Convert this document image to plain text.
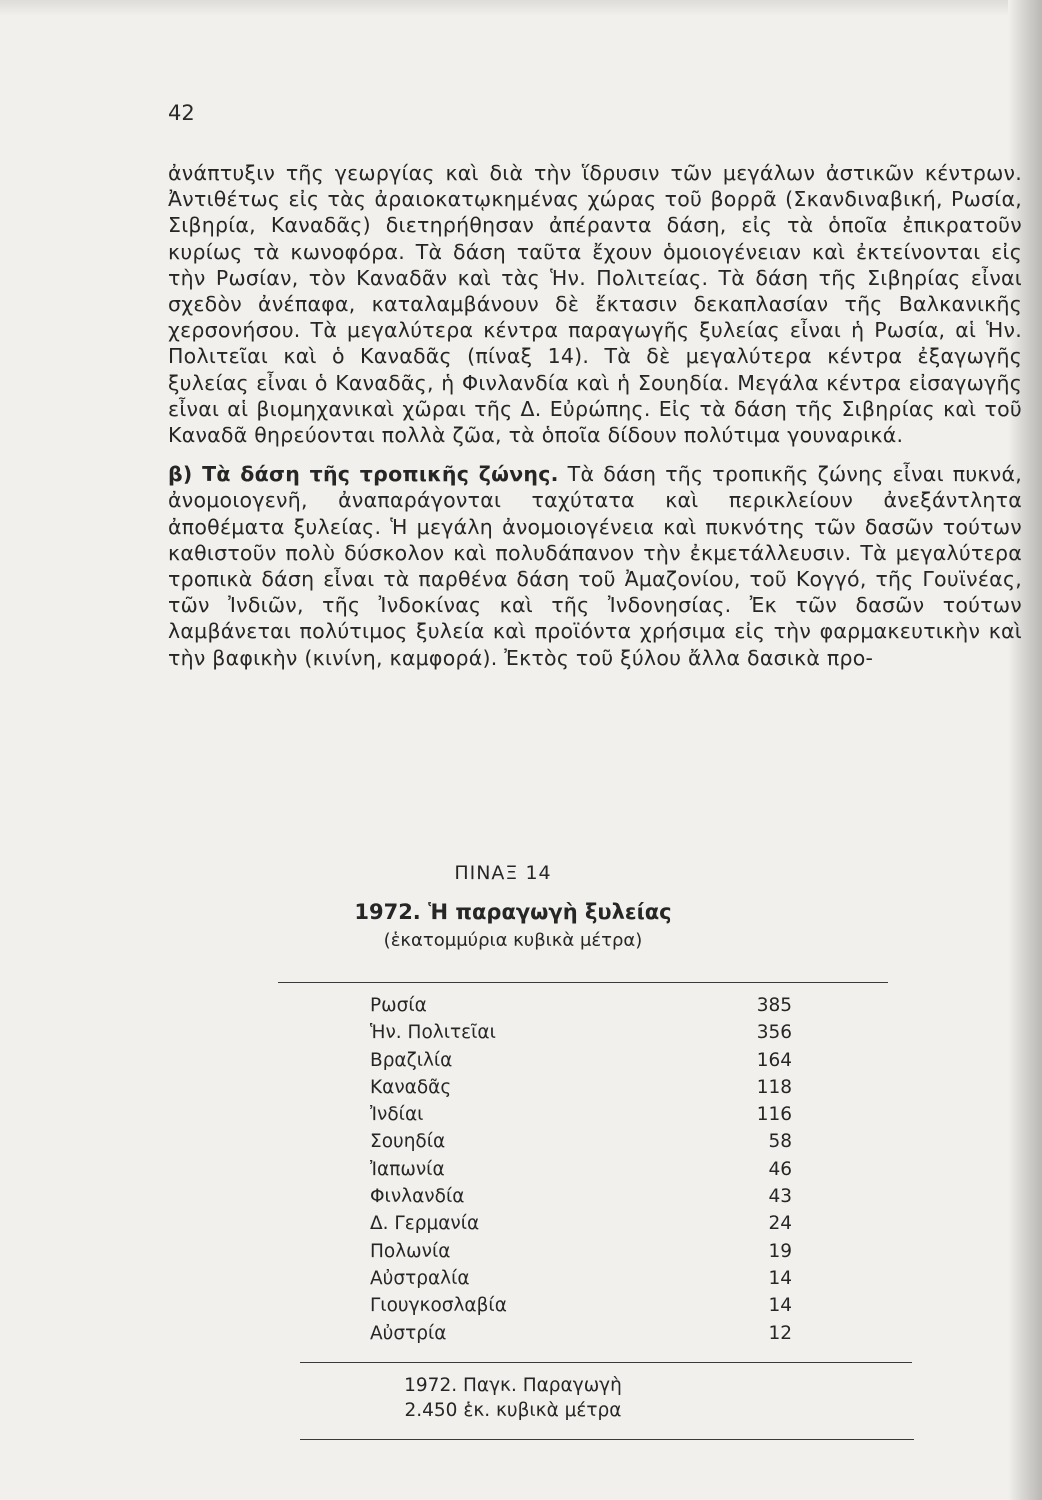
42

ἀνάπτυξιν τῆς γεωργίας καὶ διὰ τὴν ἵδρυσιν τῶν μεγάλων ἀστικῶν κέντρων. Ἀντιθέτως εἰς τὰς ἀραιοκατῳκημένας χώρας τοῦ βορρᾶ (Σκανδιναβική, Ρωσία, Σιβηρία, Καναδᾶς) διετηρήθησαν ἀπέραντα δάση, εἰς τὰ ὁποῖα ἐπικρατοῦν κυρίως τὰ κωνοφόρα. Τὰ δάση ταῦτα ἔχουν ὁμοιογένειαν καὶ ἐκτείνονται εἰς τὴν Ρωσίαν, τὸν Καναδᾶν καὶ τὰς Ἡν. Πολιτείας. Τὰ δάση τῆς Σιβηρίας εἶναι σχεδὸν ἀνέπαφα, καταλαμβάνουν δὲ ἔκτασιν δεκαπλασίαν τῆς Βαλκανικῆς χερσονήσου. Τὰ μεγαλύτερα κέντρα παραγωγῆς ξυλείας εἶναι ἡ Ρωσία, αἱ Ἡν. Πολιτεῖαι καὶ ὁ Καναδᾶς (πίναξ 14). Τὰ δὲ μεγαλύτερα κέντρα ἐξαγωγῆς ξυλείας εἶναι ὁ Καναδᾶς, ἡ Φινλανδία καὶ ἡ Σουηδία. Μεγάλα κέντρα εἰσαγωγῆς εἶναι αἱ βιομηχανικαὶ χῶραι τῆς Δ. Εὐρώπης. Εἰς τὰ δάση τῆς Σιβηρίας καὶ τοῦ Καναδᾶ θηρεύονται πολλὰ ζῶα, τὰ ὁποῖα δίδουν πολύτιμα γουναρικά.

β) Τὰ δάση τῆς τροπικῆς ζώνης. Τὰ δάση τῆς τροπικῆς ζώνης εἶναι πυκνά, ἀνομοιογενῆ, ἀναπαράγονται ταχύτατα καὶ περικλείουν ἀνεξάντλητα ἀποθέματα ξυλείας. Ἡ μεγάλη ἀνομοιογένεια καὶ πυκνότης τῶν δασῶν τούτων καθιστοῦν πολὺ δύσκολον καὶ πολυδάπανον τὴν ἐκμετάλλευσιν. Τὰ μεγαλύτερα τροπικὰ δάση εἶναι τὰ παρθένα δάση τοῦ Ἀμαζονίου, τοῦ Κογγό, τῆς Γουϊνέας, τῶν Ἰνδιῶν, τῆς Ἰνδοκίνας καὶ τῆς Ἰνδονησίας. Ἐκ τῶν δασῶν τούτων λαμβάνεται πολύτιμος ξυλεία καὶ προϊόντα χρήσιμα εἰς τὴν φαρμακευτικὴν καὶ τὴν βαφικὴν (κινίνη, καμφορά). Ἐκτὸς τοῦ ξύλου ἄλλα δασικὰ προ-

ΠΙΝΑΞ 14

1972. Ἡ παραγωγὴ ξυλείας

(ἑκατομμύρια κυβικὰ μέτρα)

Ρωσία	385
Ἡν. Πολιτεῖαι	356
Βραζιλία	164
Καναδᾶς	118
Ἰνδίαι	116
Σουηδία	58
Ἰαπωνία	46
Φινλανδία	43
Δ. Γερμανία	24
Πολωνία	19
Αὐστραλία	14
Γιουγκοσλαβία	14
Αὐστρία	12

1972. Παγκ. Παραγωγὴ

2.450 ἑκ. κυβικὰ μέτρα
